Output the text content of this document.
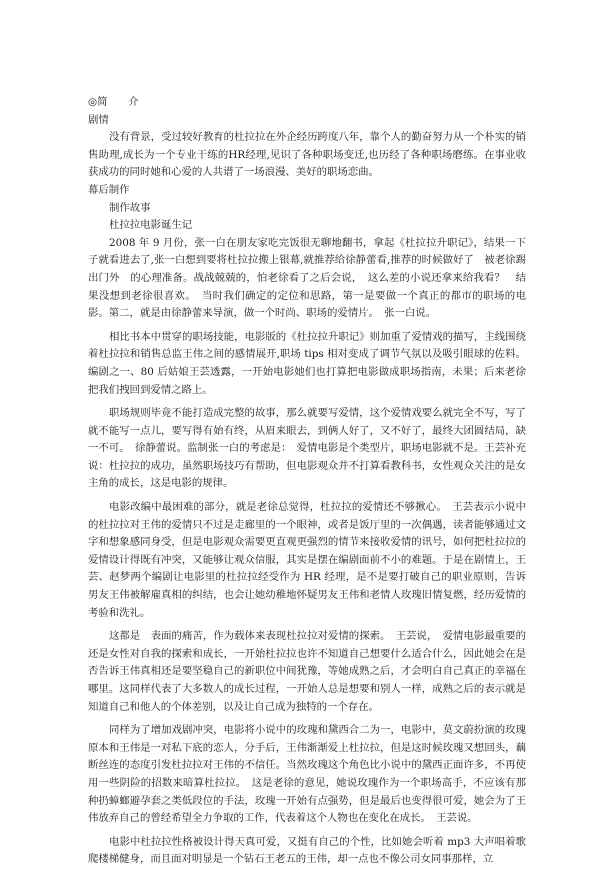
◎简　　介
剧情
没有背景，受过较好教育的杜拉拉在外企经历跨度八年，靠个人的勤奋努力从一个朴实的销售助理,成长为一个专业干练的HR经理,见识了各种职场变迁,也历经了各种职场磨练。在事业收获成功的同时她和心爱的人共谱了一场浪漫、美好的职场恋曲。
幕后制作
制作故事
杜拉拉电影诞生记
2008 年 9 月份，张一白在朋友家吃完饭很无聊地翻书，拿起《杜拉拉升职记》，结果一下子就看进去了,张一白想到要将杜拉拉搬上银幕,就推荐给徐静蕾看,推荐的时候做好了　被老徐踢出门外　的心理准备。战战兢兢的，怕老徐看了之后会说，　这么差的小说还拿来给我看？　结果没想到老徐很喜欢。　当时我们确定的定位和思路，第一是要做一个真正的都市的职场的电影。第二，就是由徐静蕾来导演，做一个时尚、职场的爱情片。　张一白说。
相比书本中贯穿的职场技能，电影版的《杜拉拉升职记》则加重了爱情戏的描写，主线围绕着杜拉拉和销售总监王伟之间的感情展开,职场 tips 相对变成了调节气氛以及吸引眼球的佐料。编剧之一、80 后姑娘王芸透露，一开始电影她们也打算把电影做成职场指南，未果；后来老徐把我们拽回到爱情之路上。
职场规则毕竟不能打造成完整的故事，那么就要写爱情，这个爱情戏要么就完全不写，写了就不能写一点儿，要写得有始有终，从眉来眼去，到俩人好了，又不好了，最终大团圆结局，缺一不可。　徐静蕾说。监制张一白的考虑是：　爱情电影是个类型片，职场电影就不是。王芸补充说：杜拉拉的成功，虽然职场技巧有帮助，但电影观众并不打算看教科书，女性观众关注的是女主角的成长，这是电影的规律。
电影改编中最困难的部分，就是老徐总觉得，杜拉拉的爱情还不够揪心。　王芸表示小说中的杜拉拉对王伟的爱情只不过是走廊里的一个眼神，或者是饭厅里的一次偶遇，读者能够通过文字和想象感同身受，但是电影观众需要更直观更强烈的情节来接收爱情的讯号，如何把杜拉拉的爱情设计得既有冲突，又能够让观众信服，其实是摆在编剧面前不小的难题。于是在剧情上，王芸、赵梦两个编剧让电影里的杜拉拉经受作为 HR 经理，是不是要打破自己的职业原则，告诉男友王伟被解雇真相的纠结，也会让她幼稚地怀疑男友王伟和老情人玫瑰旧情复燃，经历爱情的考验和洗礼。
这都是　表面的痛苦，作为载体来表现杜拉拉对爱情的探索。　王芸说，　爱情电影最重要的还是女性对自我的探索和成长，一开始杜拉拉也许不知道自己想要什么适合什么，因此她会在是否告诉王伟真相还是要坚稳自己的新职位中间犹豫，等她成熟之后，才会明白自己真正的幸福在哪里。这同样代表了大多数人的成长过程，一开始人总是想要和别人一样，成熟之后的表示就是知道自己和他人的个体差别，以及让自己成为独特的一个存在。
同样为了增加戏剧冲突，电影将小说中的玫瑰和黛西合二为一，电影中，莫文蔚扮演的玫瑰原本和王伟是一对私下底的恋人，分手后，王伟渐渐爱上杜拉拉，但是这时候玫瑰又想回头，藕断丝连的态度引发杜拉拉对王伟的不信任。当然玫瑰这个角色比小说中的黛西正面许多，不再使用一些阴险的招数来暗算杜拉拉。　这是老徐的意见，她说玫瑰作为一个职场高手，不应该有那种扔蟑螂避孕套之类低段位的手法，玫瑰一开始有点强势，但是最后也变得很可爱，她会为了王伟放弃自己的曾经希望全力争取的工作，代表着这个人物也在变化在成长。　王芸说。
电影中杜拉拉性格被设计得天真可爱，又挺有自己的个性，比如她会听着 mp3 大声唱着歌爬楼梯健身，而且面对明显是一个钻石王老五的王伟，却一点也不像公司女同事那样，立
